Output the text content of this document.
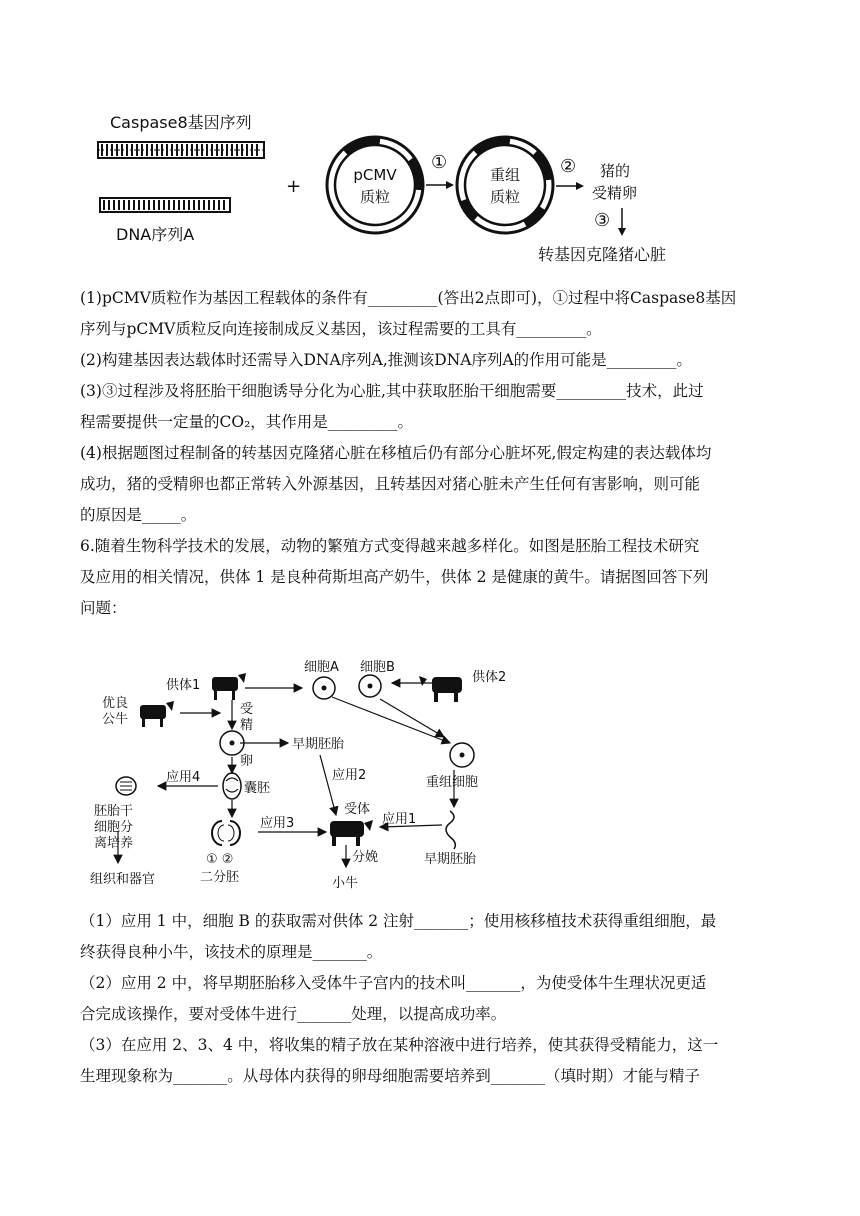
Caspase8基因序列
DNA序列A
+
pCMV
质粒
①
重组
质粒
② 猪的
受精卵
③
转基因克隆猪心脏

(1)pCMV质粒作为基因工程载体的条件有_________(答出2点即可)，①过程中将Caspase8基因

序列与pCMV质粒反向连接制成反义基因，该过程需要的工具有_________。

(2)构建基因表达载体时还需导入DNA序列A,推测该DNA序列A的作用可能是_________。

(3)③过程涉及将胚胎干细胞诱导分化为心脏,其中获取胚胎干细胞需要_________技术，此过

程需要提供一定量的CO₂，其作用是_________。

(4)根据题图过程制备的转基因克隆猪心脏在移植后仍有部分心脏坏死,假定构建的表达载体均

成功，猪的受精卵也都正常转入外源基因，且转基因对猪心脏未产生任何有害影响，则可能

的原因是_____。

6.随着生物科学技术的发展，动物的繁殖方式变得越来越多样化。如图是胚胎工程技术研究

及应用的相关情况，供体 1 是良种荷斯坦高产奶牛，供体 2 是健康的黄牛。请据图回答下列

问题：

供体1
细胞A 细胞B
供体2
优良
公牛
受
精
卵
早期胚胎
应用4
囊胚
应用2	重组细胞
胚胎干
细胞分
离培养
受体
应用3	应用1
① ②
二分胚
分娩	早期胚胎
组织和器官	小牛

（1）应用 1 中，细胞 B 的获取需对供体 2 注射_______；使用核移植技术获得重组细胞，最

终获得良种小牛，该技术的原理是_______。

（2）应用 2 中，将早期胚胎移入受体牛子宫内的技术叫_______，为使受体牛生理状况更适

合完成该操作，要对受体牛进行_______处理，以提高成功率。

（3）在应用 2、3、4 中，将收集的精子放在某种溶液中进行培养，使其获得受精能力，这一

生理现象称为_______。从母体内获得的卵母细胞需要培养到_______（填时期）才能与精子
